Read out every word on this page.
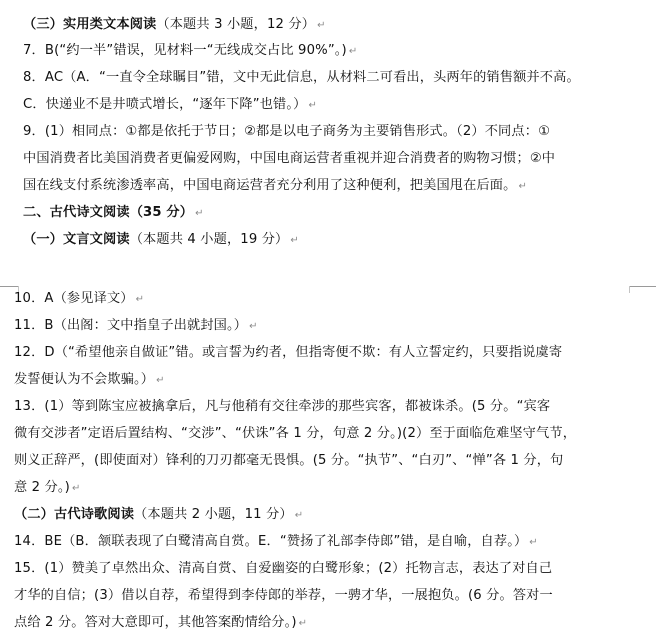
（三）实用类文本阅读（本题共 3 小题，12 分） ↵
7．B(“约一半”错误，见材料一“无线成交占比 90%”。) ↵
8．AC（A．“一直令全球瞩目”错，文中无此信息，从材料二可看出，头两年的销售额并不高。
C．快递业不是井喷式增长，“逐年下降”也错。） ↵
9．(1）相同点：①都是依托于节日；②都是以电子商务为主要销售形式。（2）不同点：①
中国消费者比美国消费者更偏爱网购，中国电商运营者重视并迎合消费者的购物习惯；②中
国在线支付系统渗透率高，中国电商运营者充分利用了这种便利，把美国甩在后面。 ↵
二、古代诗文阅读（35 分） ↵
（一）文言文阅读（本题共 4 小题，19 分） ↵
10．A（参见译文） ↵
11．B（出阁：文中指皇子出就封国。） ↵
12．D（“希望他亲自做证”错。或言誓为约者，但指寄便不欺：有人立誓定约，只要指说虞寄
发誓便认为不会欺骗。） ↵
13．(1）等到陈宝应被擒拿后，凡与他稍有交往牵涉的那些宾客，都被诛杀。(5 分。“宾客
微有交涉者”定语后置结构、“交涉”、“伏诛”各 1 分，句意 2 分。)(2）至于面临危难坚守气节，
则义正辞严，(即使面对）锋利的刀刃都毫无畏惧。(5 分。“执节”、“白刃”、“惮”各 1 分，句
意 2 分。) ↵
（二）古代诗歌阅读（本题共 2 小题，11 分） ↵
14．BE（B．颔联表现了白鹭清高自赏。E．“赞扬了礼部李侍郎”错，是自喻，自荐。） ↵
15．(1）赞美了卓然出众、清高自赏、自爱幽姿的白鹭形象；(2）托物言志，表达了对自己
才华的自信；(3）借以自荐，希望得到李侍郎的举荐，一骋才华，一展抱负。(6 分。答对一
点给 2 分。答对大意即可，其他答案酌情给分。) ↵
